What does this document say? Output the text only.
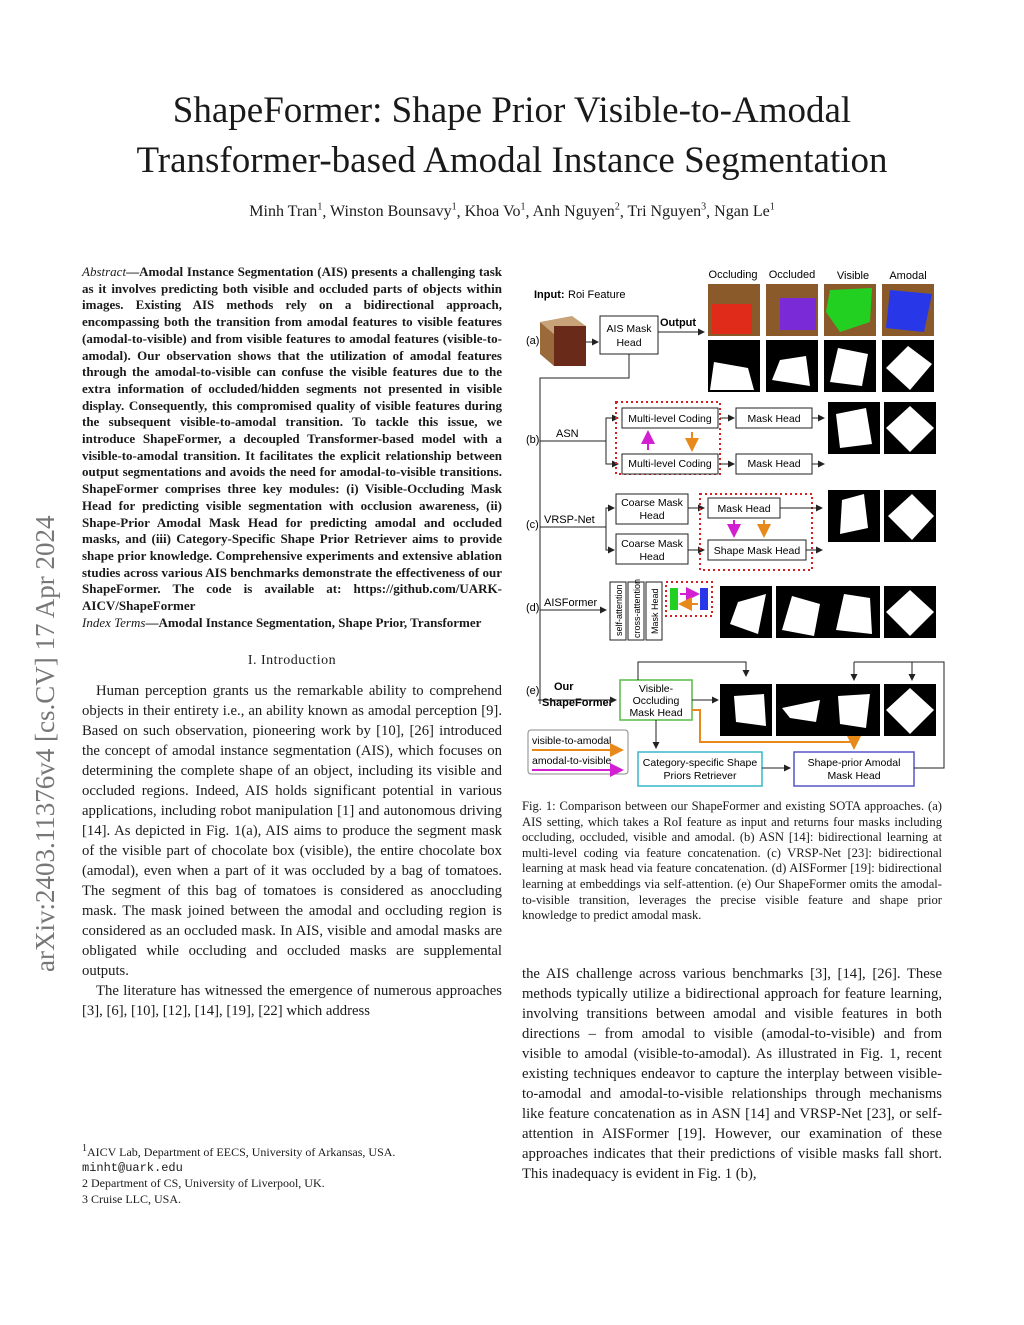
ShapeFormer: Shape Prior Visible-to-Amodal
Transformer-based Amodal Instance Segmentation
Minh Tran$^1$, Winston Bounsavy$^1$, Khoa Vo$^1$, Anh Nguyen$^2$, Tri Nguyen$^3$, Ngan Le$^1$
arXiv:2403.11376v4 [cs.CV] 17 Apr 2024
Abstract—Amodal Instance Segmentation (AIS) presents a challenging task as it involves predicting both visible and occluded parts of objects within images. Existing AIS methods rely on a bidirectional approach, encompassing both the transition from amodal features to visible features (amodal-to-visible) and from visible features to amodal features (visible-to-amodal). Our observation shows that the utilization of amodal features through the amodal-to-visible can confuse the visible features due to the extra information of occluded/hidden segments not presented in visible display. Consequently, this compromised quality of visible features during the subsequent visible-to-amodal transition. To tackle this issue, we introduce ShapeFormer, a decoupled Transformer-based model with a visible-to-amodal transition. It facilitates the explicit relationship between output segmentations and avoids the need for amodal-to-visible transitions. ShapeFormer comprises three key modules: (i) Visible-Occluding Mask Head for predicting visible segmentation with occlusion awareness, (ii) Shape-Prior Amodal Mask Head for predicting amodal and occluded masks, and (iii) Category-Specific Shape Prior Retriever aims to provide shape prior knowledge. Comprehensive experiments and extensive ablation studies across various AIS benchmarks demonstrate the effectiveness of our ShapeFormer. The code is available at: https://github.com/UARK-AICV/ShapeFormer
Index Terms—Amodal Instance Segmentation, Shape Prior, Transformer
I. Introduction

Human perception grants us the remarkable ability to comprehend objects in their entirety i.e., an ability known as amodal perception [9]. Based on such observation, pioneering work by [10], [26] introduced the concept of amodal instance segmentation (AIS), which focuses on determining the complete shape of an object, including its visible and occluded regions. Indeed, AIS holds significant potential in various applications, including robot manipulation [1] and autonomous driving [14]. As depicted in Fig. 1(a), AIS aims to produce the segment mask of the visible part of chocolate box (visible), the entire chocolate box (amodal), even when a part of it was occluded by a bag of tomatoes. The segment of this bag of tomatoes is considered as anoccluding mask. The mask joined between the amodal and occluding region is considered as an occluded mask. In AIS, visible and amodal masks are obligated while occluding and occluded masks are supplemental outputs.

The literature has witnessed the emergence of numerous approaches [3], [6], [10], [12], [14], [19], [22] which address

$^1$AICV Lab, Department of EECS, University of Arkansas, USA.
minht@uark.edu
2 Department of CS, University of Liverpool, UK.
3 Cruise LLC, USA.
Occluding Occluded Visible Amodal
Input: Roi Feature
(a)
AIS Mask
Head
Output
(b) ASN
Multi-level Coding
Multi-level Coding
Mask Head
Mask Head
(c) VRSP-Net
Coarse Mask
Head
Coarse Mask
Head
Mask Head
Shape Mask Head
(d) AISFormer self-attention cross-attention Mask Head
(e) Our
ShapeFormer
Visible-
Occluding
Mask Head
visible-to-amodal
amodal-to-visible	Category-specific Shape
Priors Retriever
Shape-prior Amodal
Mask Head
Fig. 1: Comparison between our ShapeFormer and existing SOTA approaches. (a) AIS setting, which takes a RoI feature as input and returns four masks including occluding, occluded, visible and amodal. (b) ASN [14]: bidirectional learning at multi-level coding via feature concatenation. (c) VRSP-Net [23]: bidirectional learning at mask head via feature concatenation. (d) AISFormer [19]: bidirectional learning at embeddings via self-attention. (e) Our ShapeFormer omits the amodal-to-visible transition, leverages the precise visible feature and shape prior knowledge to predict amodal mask.
the AIS challenge across various benchmarks [3], [14], [26]. These methods typically utilize a bidirectional approach for feature learning, involving transitions between amodal and visible features in both directions – from amodal to visible (amodal-to-visible) and from visible to amodal (visible-to-amodal). As illustrated in Fig. 1, recent existing techniques endeavor to capture the interplay between visible-to-amodal and amodal-to-visible relationships through mechanisms like feature concatenation as in ASN [14] and VRSP-Net [23], or self-attention in AISFormer [19]. However, our examination of these approaches indicates that their predictions of visible masks fall short. This inadequacy is evident in Fig. 1 (b),
